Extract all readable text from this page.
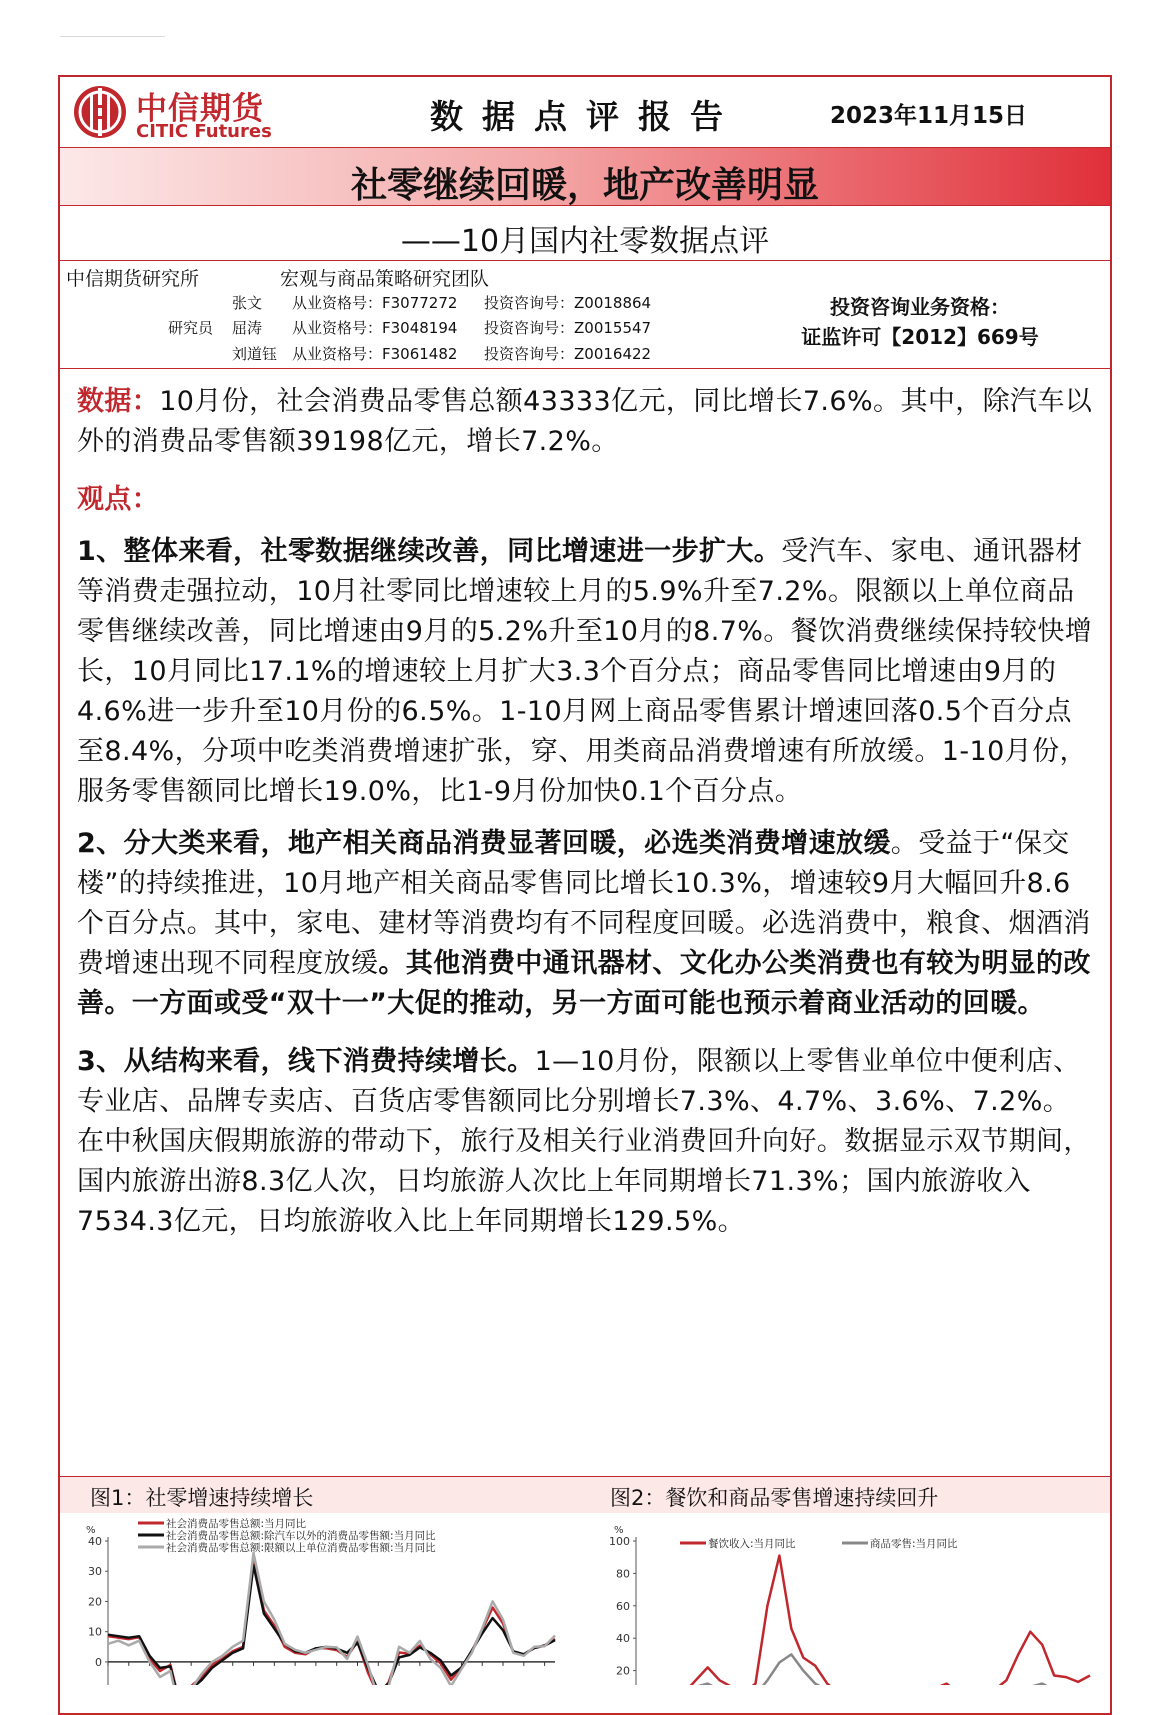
中信期货
CITIC Futures	数据点评报告	2023年11月15日
社零继续回暖，地产改善明显
——10月国内社零数据点评
中信期货研究所	宏观与商品策略研究团队
研究员
张文 从业资格号：F3077272 投资咨询号：Z0018864
屈涛 从业资格号：F3048194 投资咨询号：Z0015547
刘道钰 从业资格号：F3061482 投资咨询号：Z0016422
投资咨询业务资格：
证监许可【2012】669号

数据：10月份，社会消费品零售总额43333亿元，同比增长7.6%。其中，除汽车以外的消费品零售额39198亿元，增长7.2%。

观点：

1、整体来看，社零数据继续改善，同比增速进一步扩大。受汽车、家电、通讯器材等消费走强拉动，10月社零同比增速较上月的5.9%升至7.2%。限额以上单位商品零售继续改善，同比增速由9月的5.2%升至10月的8.7%。餐饮消费继续保持较快增长，10月同比17.1%的增速较上月扩大3.3个百分点；商品零售同比增速由9月的4.6%进一步升至10月份的6.5%。1-10月网上商品零售累计增速回落0.5个百分点至8.4%，分项中吃类消费增速扩张，穿、用类商品消费增速有所放缓。1-10月份，服务零售额同比增长19.0%，比1-9月份加快0.1个百分点。

2、分大类来看，地产相关商品消费显著回暖，必选类消费增速放缓。受益于“保交楼”的持续推进，10月地产相关商品零售同比增长10.3%，增速较9月大幅回升8.6个百分点。其中，家电、建材等消费均有不同程度回暖。必选消费中，粮食、烟酒消费增速出现不同程度放缓。其他消费中通讯器材、文化办公类消费也有较为明显的改善。一方面或受“双十一”大促的推动，另一方面可能也预示着商业活动的回暖。

3、从结构来看，线下消费持续增长。1—10月份，限额以上零售业单位中便利店、专业店、品牌专卖店、百货店零售额同比分别增长7.3%、4.7%、3.6%、7.2%。在中秋国庆假期旅游的带动下，旅行及相关行业消费回升向好。数据显示双节期间，国内旅游出游8.3亿人次，日均旅游人次比上年同期增长71.3%；国内旅游收入7534.3亿元，日均旅游收入比上年同期增长129.5%。

图1：社零增速持续增长	图2：餐饮和商品零售增速持续回升
%
0
10
20
30
40
社会消费品零售总额:当月同比
社会消费品零售总额:除汽车以外的消费品零售额:当月同比
社会消费品零售总额:限额以上单位消费品零售额:当月同比
%
20
40
60
80
100	餐饮收入:当月同比	商品零售:当月同比
